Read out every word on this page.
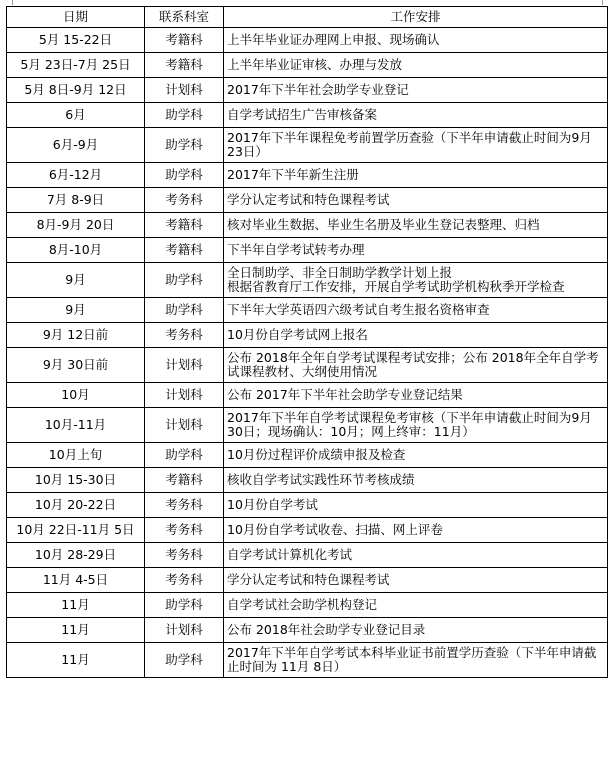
日期	联系科室	工作安排
5月 15-22日	考籍科	上半年毕业证办理网上申报、现场确认
5月 23日-7月 25日	考籍科	上半年毕业证审核、办理与发放
5月 8日-9月 12日	计划科	2017年下半年社会助学专业登记
6月	助学科	自学考试招生广告审核备案
6月-9月	助学科	2017年下半年课程免考前置学历查验（下半年申请截止时间为9月 23日）
6月-12月	助学科	2017年下半年新生注册
7月 8-9日	考务科	学分认定考试和特色课程考试
8月-9月 20日	考籍科	核对毕业生数据、毕业生名册及毕业生登记表整理、归档
8月-10月	考籍科	下半年自学考试转考办理
9月	助学科	全日制助学、非全日制助学教学计划上报
根据省教育厅工作安排，开展自学考试助学机构秋季开学检查

9月	助学科	下半年大学英语四六级考试自考生报名资格审查
9月 12日前	考务科	10月份自学考试网上报名
9月 30日前	计划科	公布 2018年全年自学考试课程考试安排；公布 2018年全年自学考试课程教材、大纲使用情况
10月	计划科	公布 2017年下半年社会助学专业登记结果
10月-11月	计划科	2017年下半年自学考试课程免考审核（下半年申请截止时间为9月 30日；现场确认：10月；网上终审：11月）
10月上旬	助学科	10月份过程评价成绩申报及检查
10月 15-30日	考籍科	核收自学考试实践性环节考核成绩
10月 20-22日	考务科	10月份自学考试
10月 22日-11月 5日	考务科	10月份自学考试收卷、扫描、网上评卷
10月 28-29日	考务科	自学考试计算机化考试
11月 4-5日	考务科	学分认定考试和特色课程考试
11月	助学科	自学考试社会助学机构登记
11月	计划科	公布 2018年社会助学专业登记目录
11月	助学科	2017年下半年自学考试本科毕业证书前置学历查验（下半年申请截止时间为 11月 8日）
